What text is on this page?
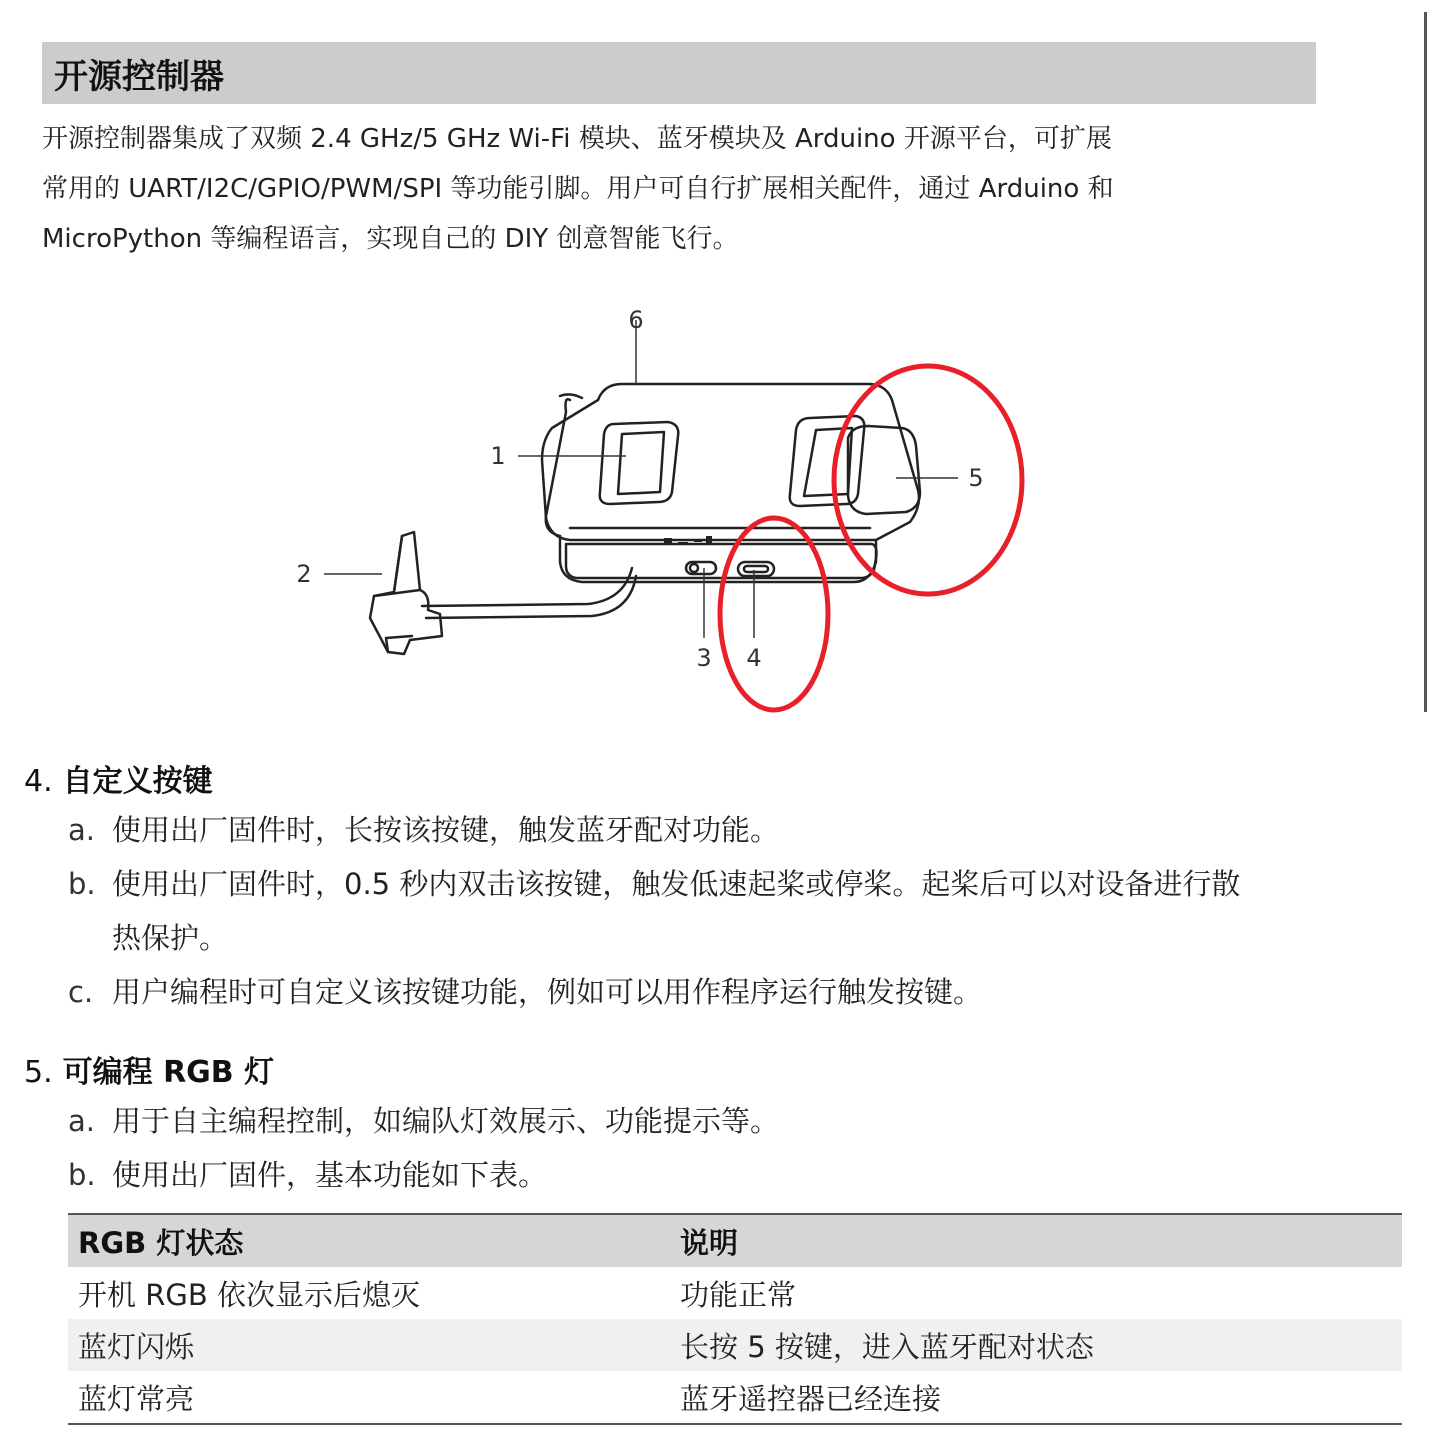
开源控制器

开源控制器集成了双频 2.4 GHz/5 GHz Wi-Fi 模块、蓝牙模块及 Arduino 开源平台，可扩展

常用的 UART/I2C/GPIO/PWM/SPI 等功能引脚。用户可自行扩展相关配件，通过 Arduino 和

MicroPython 等编程语言，实现自己的 DIY 创意智能飞行。

6
1
2
3 4
5
4. 自定义按键
a. 使用出厂固件时，长按该按键，触发蓝牙配对功能。
b. 使用出厂固件时，0.5 秒内双击该按键，触发低速起桨或停桨。起桨后可以对设备进行散
热保护。
c. 用户编程时可自定义该按键功能，例如可以用作程序运行触发按键。
5. 可编程 RGB 灯
a. 用于自主编程控制，如编队灯效展示、功能提示等。
b. 使用出厂固件，基本功能如下表。
RGB 灯状态	说明
开机 RGB 依次显示后熄灭	功能正常
蓝灯闪烁	长按 5 按键，进入蓝牙配对状态
蓝灯常亮	蓝牙遥控器已经连接
